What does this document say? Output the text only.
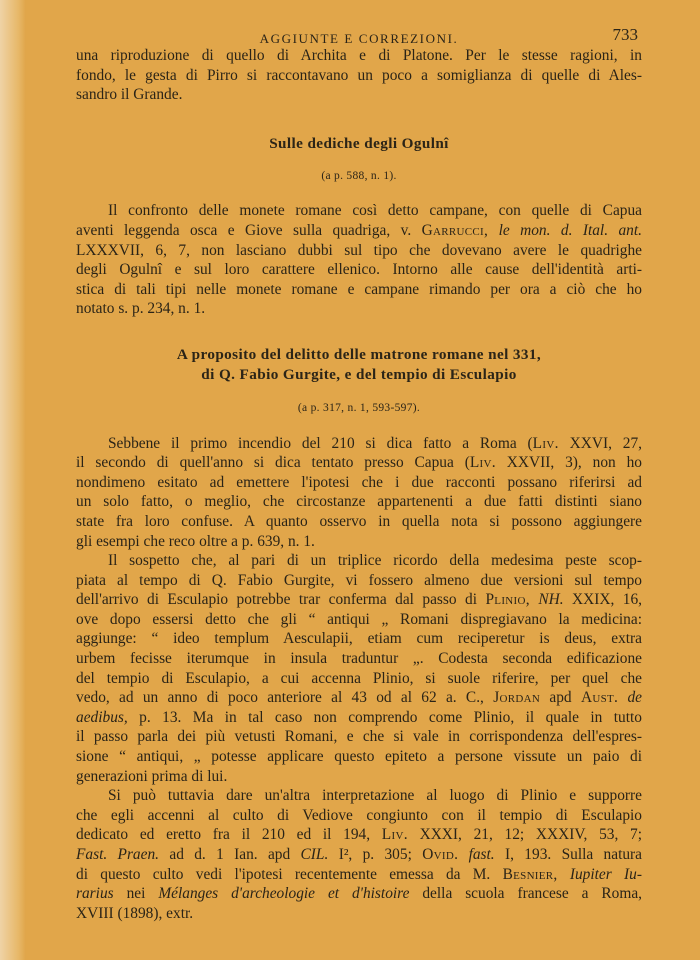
AGGIUNTE E CORREZIONI.	733

una riproduzione di quello di Archita e di Platone. Per le stesse ragioni, in
fondo, le gesta di Pirro si raccontavano un poco a somiglianza di quelle di Ales-
sandro il Grande.

Sulle dediche degli Ogulnî
(a p. 588, n. 1).

Il confronto delle monete romane così detto campane, con quelle di Capua
aventi leggenda osca e Giove sulla quadriga, v. Garrucci, le mon. d. Ital. ant.
LXXXVII, 6, 7, non lasciano dubbi sul tipo che dovevano avere le quadrighe
degli Ogulnî e sul loro carattere ellenico. Intorno alle cause dell'identità arti-
stica di tali tipi nelle monete romane e campane rimando per ora a ciò che ho
notato s. p. 234, n. 1.

A proposito del delitto delle matrone romane nel 331,
di Q. Fabio Gurgite, e del tempio di Esculapio
(a p. 317, n. 1, 593-597).

Sebbene il primo incendio del 210 si dica fatto a Roma (Liv. XXVI, 27,
il secondo di quell'anno si dica tentato presso Capua (Liv. XXVII, 3), non ho
nondimeno esitato ad emettere l'ipotesi che i due racconti possano riferirsi ad
un solo fatto, o meglio, che circostanze appartenenti a due fatti distinti siano
state fra loro confuse. A quanto osservo in quella nota si possono aggiungere
gli esempi che reco oltre a p. 639, n. 1.

Il sospetto che, al pari di un triplice ricordo della medesima peste scop-
piata al tempo di Q. Fabio Gurgite, vi fossero almeno due versioni sul tempo
dell'arrivo di Esculapio potrebbe trar conferma dal passo di Plinio, NH. XXIX, 16,
ove dopo essersi detto che gli “ antiqui „ Romani dispregiavano la medicina:
aggiunge: “ ideo templum Aesculapii, etiam cum reciperetur is deus, extra
urbem fecisse iterumque in insula traduntur „. Codesta seconda edificazione
del tempio di Esculapio, a cui accenna Plinio, si suole riferire, per quel che
vedo, ad un anno di poco anteriore al 43 od al 62 a. C., Jordan apd Aust. de
aedibus, p. 13. Ma in tal caso non comprendo come Plinio, il quale in tutto
il passo parla dei più vetusti Romani, e che si vale in corrispondenza dell'espres-
sione “ antiqui, „ potesse applicare questo epiteto a persone vissute un paio di
generazioni prima di lui.

Si può tuttavia dare un'altra interpretazione al luogo di Plinio e supporre
che egli accenni al culto di Vediove congiunto con il tempio di Esculapio
dedicato ed eretto fra il 210 ed il 194, Liv. XXXI, 21, 12; XXXIV, 53, 7;
Fast. Praen. ad d. 1 Ian. apd CIL. I², p. 305; Ovid. fast. I, 193. Sulla natura
di questo culto vedi l'ipotesi recentemente emessa da M. Besnier, Iupiter Iu-
rarius nei Mélanges d'archeologie et d'histoire della scuola francese a Roma,
XVIII (1898), extr.
